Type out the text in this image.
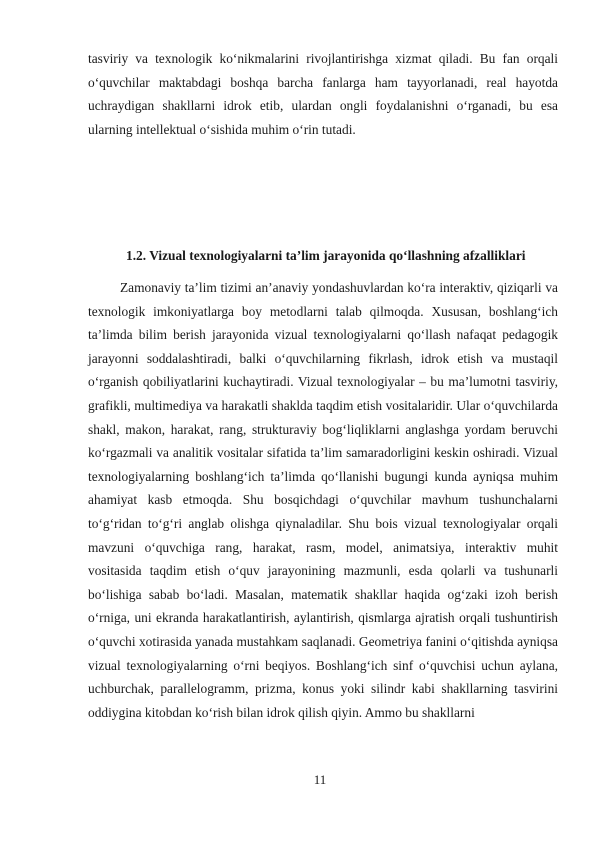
tasviriy va texnologik ko‘nikmalarini rivojlantirishga xizmat qiladi. Bu fan orqali o‘quvchilar maktabdagi boshqa barcha fanlarga ham tayyorlanadi, real hayotda uchraydigan shakllarni idrok etib, ulardan ongli foydalanishni o‘rganadi, bu esa ularning intellektual o‘sishida muhim o‘rin tutadi.

1.2. Vizual texnologiyalarni ta’lim jarayonida qo‘llashning afzalliklari

Zamonaviy ta’lim tizimi an’anaviy yondashuvlardan ko‘ra interaktiv, qiziqarli va texnologik imkoniyatlarga boy metodlarni talab qilmoqda. Xususan, boshlang‘ich ta’limda bilim berish jarayonida vizual texnologiyalarni qo‘llash nafaqat pedagogik jarayonni soddalashtiradi, balki o‘quvchilarning fikrlash, idrok etish va mustaqil o‘rganish qobiliyatlarini kuchaytiradi. Vizual texnologiyalar – bu ma’lumotni tasviriy, grafikli, multimediya va harakatli shaklda taqdim etish vositalaridir. Ular o‘quvchilarda shakl, makon, harakat, rang, strukturaviy bog‘liqliklarni anglashga yordam beruvchi ko‘rgazmali va analitik vositalar sifatida ta’lim samaradorligini keskin oshiradi. Vizual texnologiyalarning boshlang‘ich ta’limda qo‘llanishi bugungi kunda ayniqsa muhim ahamiyat kasb etmoqda. Shu bosqichdagi o‘quvchilar mavhum tushunchalarni to‘g‘ridan to‘g‘ri anglab olishga qiynaladilar. Shu bois vizual texnologiyalar orqali mavzuni o‘quvchiga rang, harakat, rasm, model, animatsiya, interaktiv muhit vositasida taqdim etish o‘quv jarayonining mazmunli, esda qolarli va tushunarli bo‘lishiga sabab bo‘ladi. Masalan, matematik shakllar haqida og‘zaki izoh berish o‘rniga, uni ekranda harakatlantirish, aylantirish, qismlarga ajratish orqali tushuntirish o‘quvchi xotirasida yanada mustahkam saqlanadi. Geometriya fanini o‘qitishda ayniqsa vizual texnologiyalarning o‘rni beqiyos. Boshlang‘ich sinf o‘quvchisi uchun aylana, uchburchak, parallelogramm, prizma, konus yoki silindr kabi shakllarning tasvirini oddiygina kitobdan ko‘rish bilan idrok qilish qiyin. Ammo bu shakllarni

11
